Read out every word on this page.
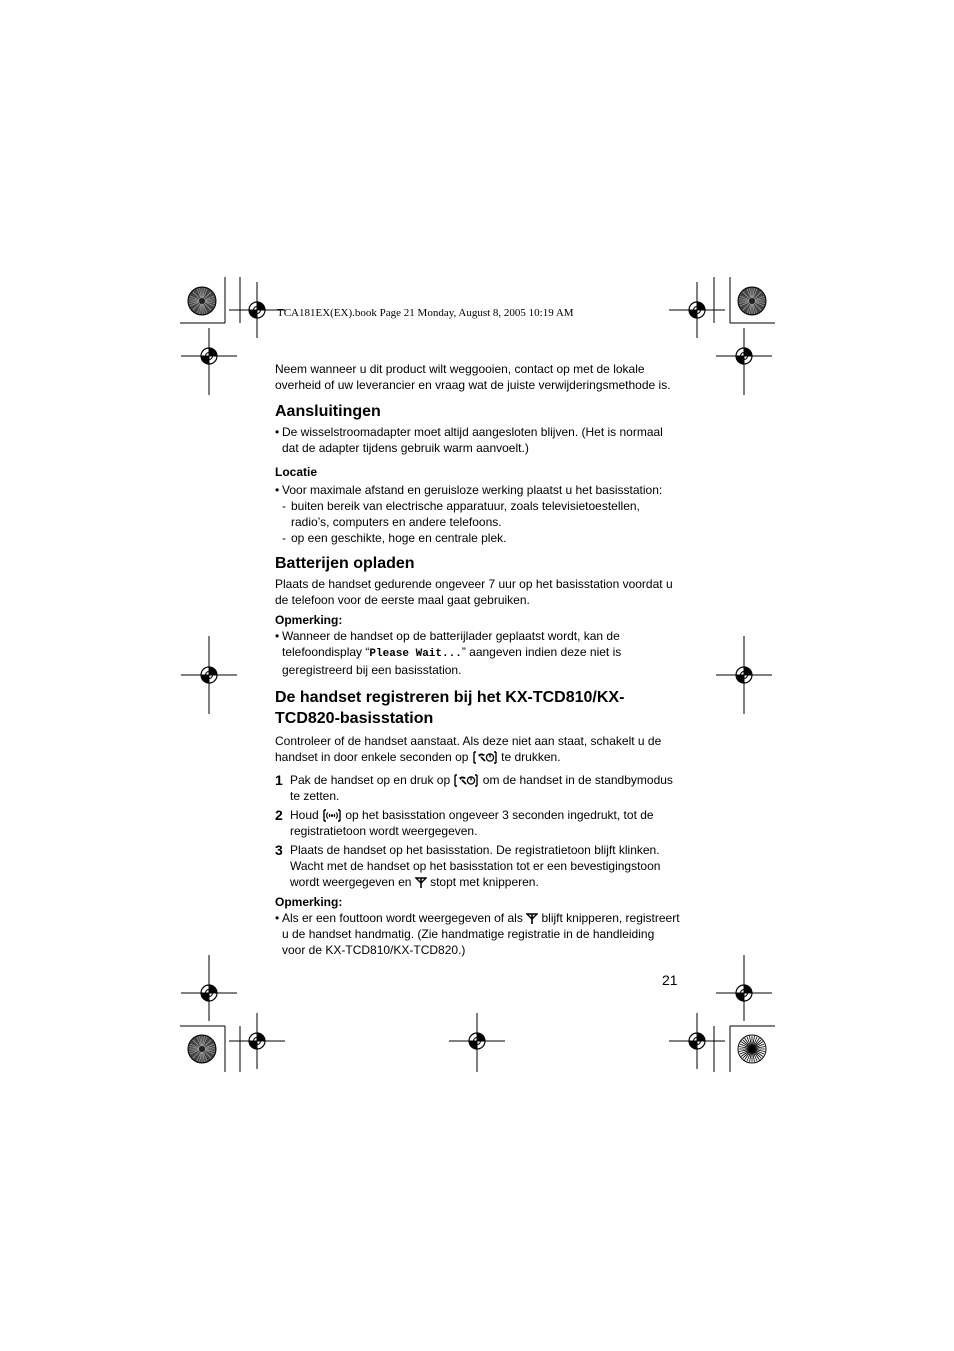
TCA181EX(EX).book Page 21 Monday, August 8, 2005 10:19 AM

Neem wanneer u dit product wilt weggooien, contact op met de lokale overheid of uw leverancier en vraag wat de juiste verwijderingsmethode is.

Aansluitingen
• De wisselstroomadapter moet altijd aangesloten blijven. (Het is normaal dat de adapter tijdens gebruik warm aanvoelt.)
Locatie
• Voor maximale afstand en geruisloze werking plaatst u het basisstation:
- buiten bereik van electrische apparatuur, zoals televisietoestellen, radio’s, computers en andere telefoons.
- op een geschikte, hoge en centrale plek.
Batterijen opladen

Plaats de handset gedurende ongeveer 7 uur op het basisstation voordat u de telefoon voor de eerste maal gaat gebruiken.

Opmerking:
• Wanneer de handset op de batterijlader geplaatst wordt, kan de telefoondisplay “Please Wait...” aangeven indien deze niet is geregistreerd bij een basisstation.
De handset registreren bij het KX-TCD810/KX-
TCD820-basisstation

Controleer of de handset aanstaat. Als deze niet aan staat, schakelt u de handset in door enkele seconden op  te drukken.

1 Pak de handset op en druk op  om de handset in de standbymodus te zetten.
2 Houd  op het basisstation ongeveer 3 seconden ingedrukt, tot de registratietoon wordt weergegeven.
3 Plaats de handset op het basisstation. De registratietoon blijft klinken. Wacht met de handset op het basisstation tot er een bevestigingstoon wordt weergegeven en  stopt met knipperen.
Opmerking:
• Als er een fouttoon wordt weergegeven of als  blijft knipperen, registreert u de handset handmatig. (Zie handmatige registratie in de handleiding voor de KX-TCD810/KX-TCD820.)
21
